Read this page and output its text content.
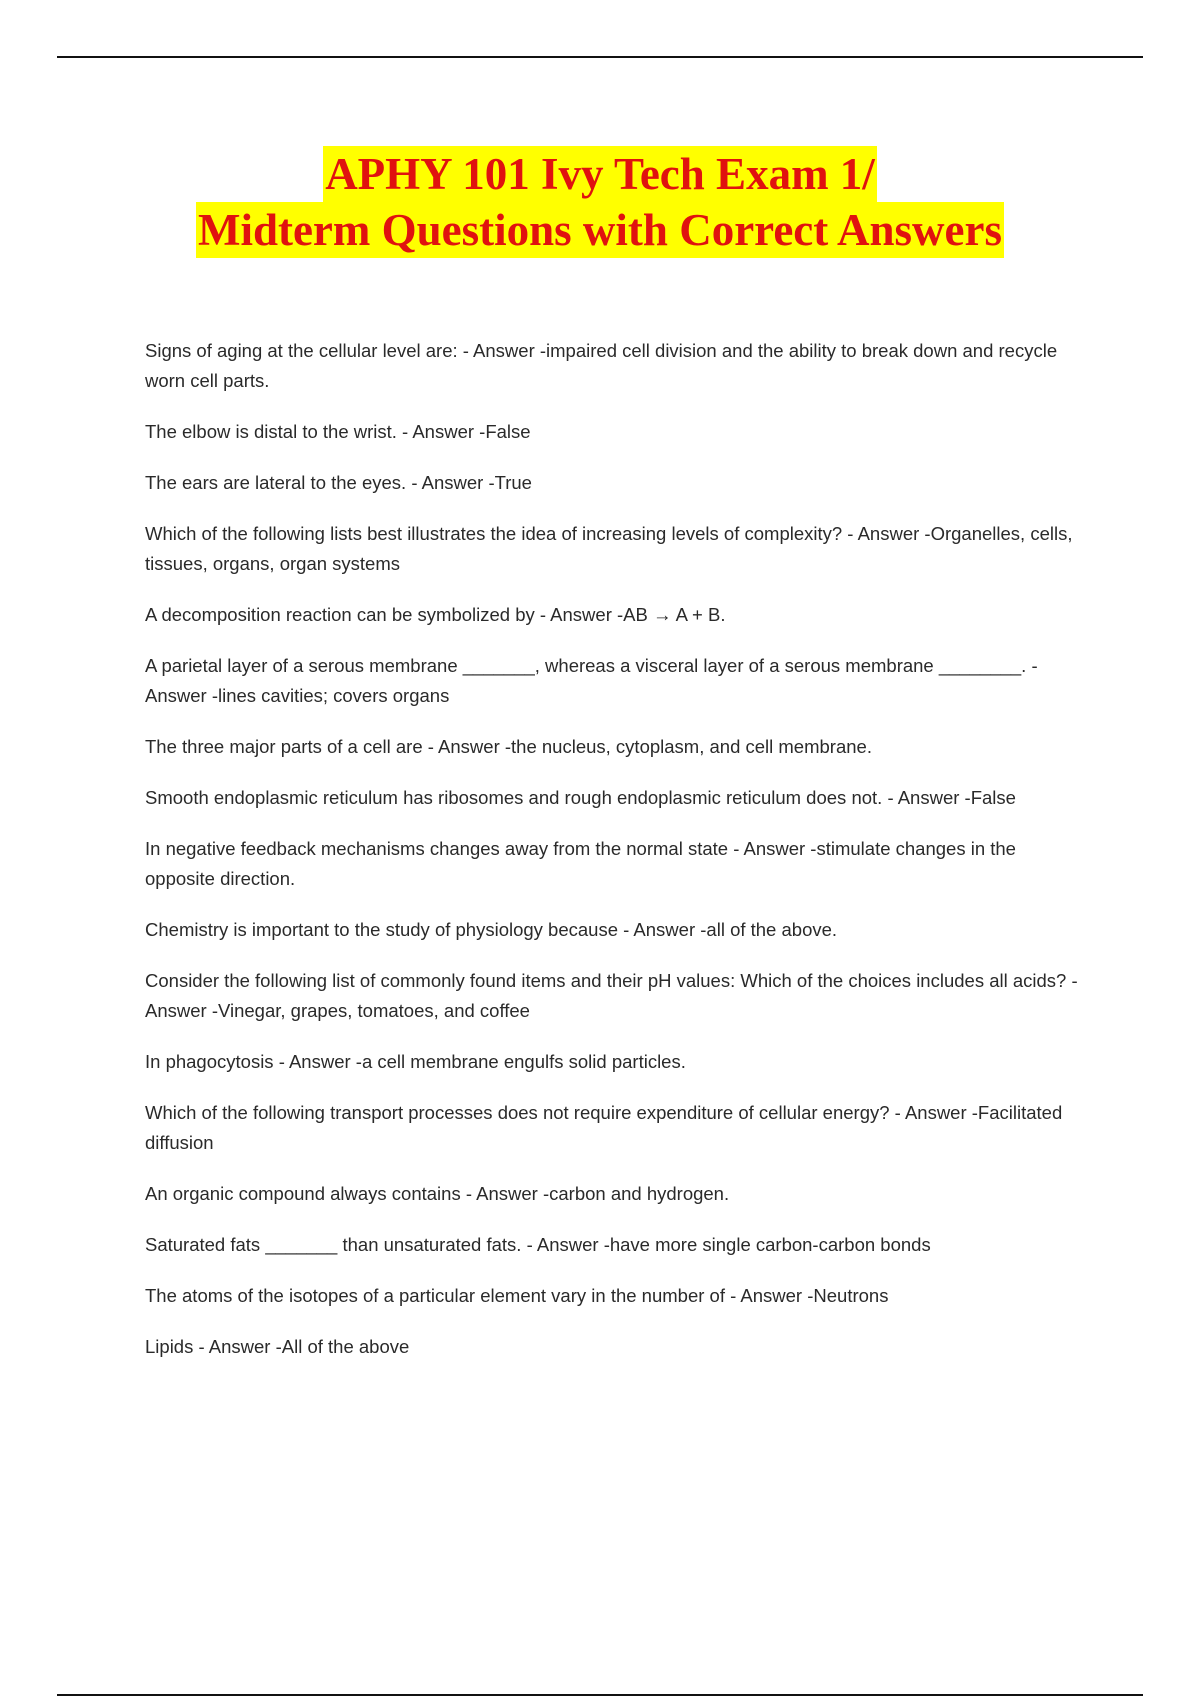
APHY 101 Ivy Tech Exam 1/
Midterm Questions with Correct Answers
Signs of aging at the cellular level are: - Answer -impaired cell division and the ability to break down and recycle worn cell parts.
The elbow is distal to the wrist. - Answer -False
The ears are lateral to the eyes. - Answer -True
Which of the following lists best illustrates the idea of increasing levels of complexity? - Answer -Organelles, cells, tissues, organs, organ systems
A decomposition reaction can be symbolized by - Answer -AB → A + B.
A parietal layer of a serous membrane _______, whereas a visceral layer of a serous membrane ________. - Answer -lines cavities; covers organs
The three major parts of a cell are - Answer -the nucleus, cytoplasm, and cell membrane.
Smooth endoplasmic reticulum has ribosomes and rough endoplasmic reticulum does not. - Answer -False
In negative feedback mechanisms changes away from the normal state - Answer -stimulate changes in the opposite direction.
Chemistry is important to the study of physiology because - Answer -all of the above.
Consider the following list of commonly found items and their pH values: Which of the choices includes all acids? - Answer -Vinegar, grapes, tomatoes, and coffee
In phagocytosis - Answer -a cell membrane engulfs solid particles.
Which of the following transport processes does not require expenditure of cellular energy? - Answer -Facilitated diffusion
An organic compound always contains - Answer -carbon and hydrogen.
Saturated fats _______ than unsaturated fats. - Answer -have more single carbon-carbon bonds
The atoms of the isotopes of a particular element vary in the number of - Answer -Neutrons
Lipids - Answer -All of the above
